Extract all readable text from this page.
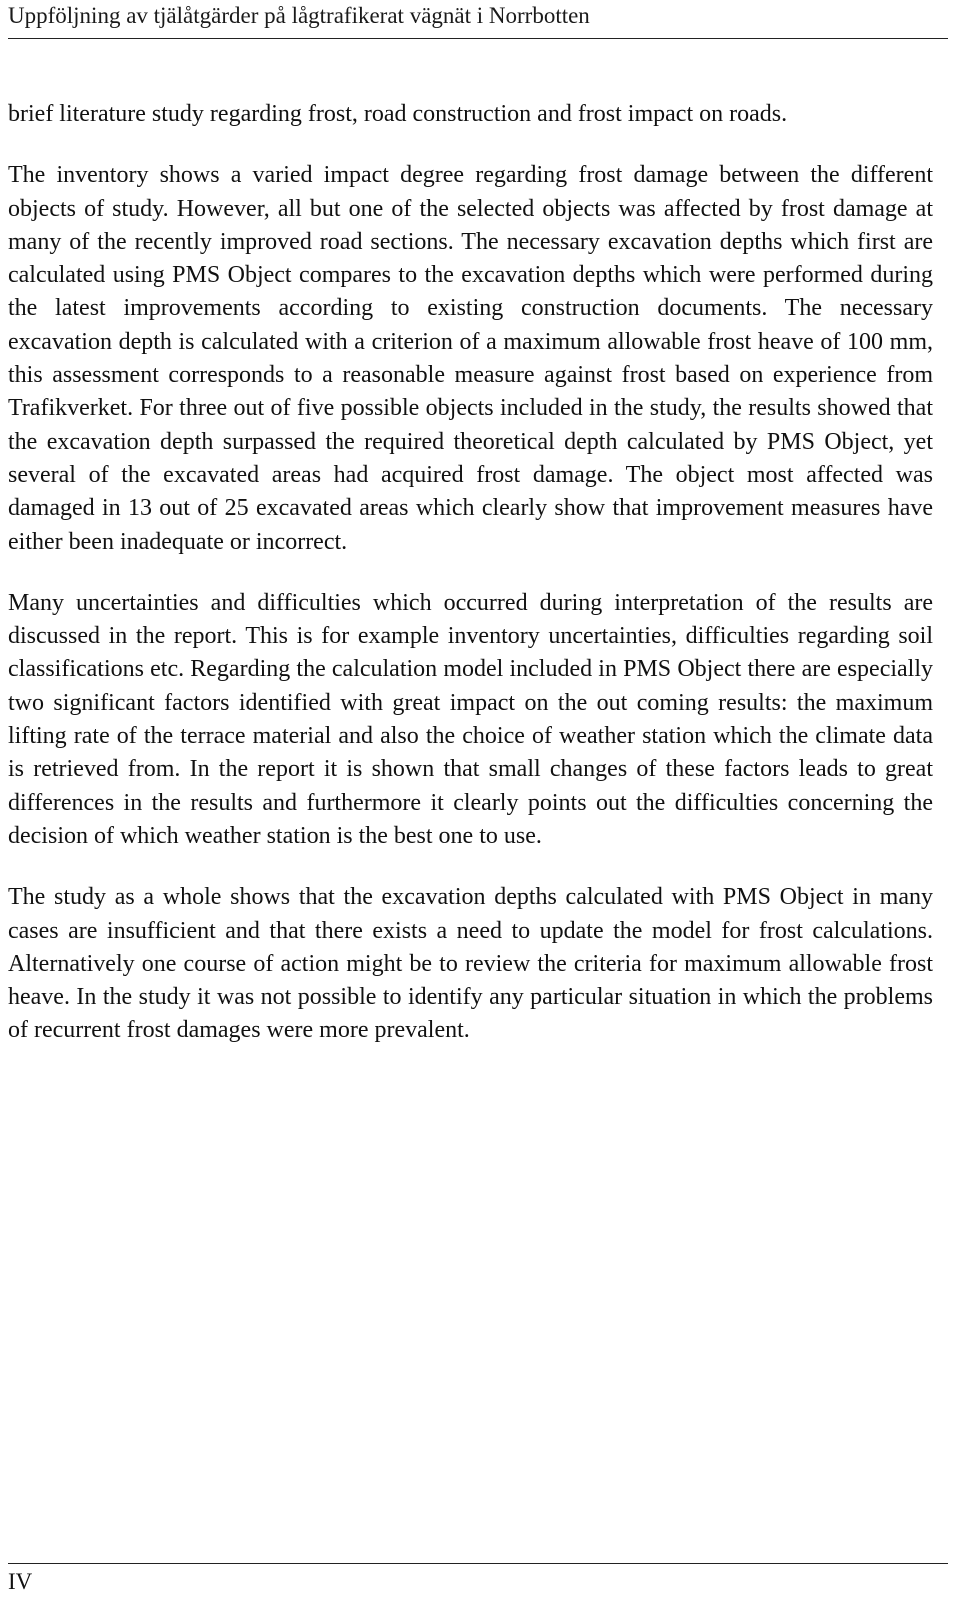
Uppföljning av tjälåtgärder på lågtrafikerat vägnät i Norrbotten

brief literature study regarding frost, road construction and frost impact on roads.

The inventory shows a varied impact degree regarding frost damage between the different objects of study. However, all but one of the selected objects was affected by frost damage at many of the recently improved road sections. The necessary excavation depths which first are calculated using PMS Object compares to the excavation depths which were performed during the latest improvements according to existing construction documents. The necessary excavation depth is calculated with a criterion of a maximum allowable frost heave of 100 mm, this assessment corresponds to a reasonable measure against frost based on experience from Trafikverket. For three out of five possible objects included in the study, the results showed that the excavation depth surpassed the required theoretical depth calculated by PMS Object, yet several of the excavated areas had acquired frost damage. The object most affected was damaged in 13 out of 25 excavated areas which clearly show that improvement measures have either been inadequate or incorrect.

Many uncertainties and difficulties which occurred during interpretation of the results are discussed in the report. This is for example inventory uncertainties, difficulties regarding soil classifications etc. Regarding the calculation model included in PMS Object there are especially two significant factors identified with great impact on the out coming results: the maximum lifting rate of the terrace material and also the choice of weather station which the climate data is retrieved from. In the report it is shown that small changes of these factors leads to great differences in the results and furthermore it clearly points out the difficulties concerning the decision of which weather station is the best one to use.

The study as a whole shows that the excavation depths calculated with PMS Object in many cases are insufficient and that there exists a need to update the model for frost calculations. Alternatively one course of action might be to review the criteria for maximum allowable frost heave. In the study it was not possible to identify any particular situation in which the problems of recurrent frost damages were more prevalent.

IV
